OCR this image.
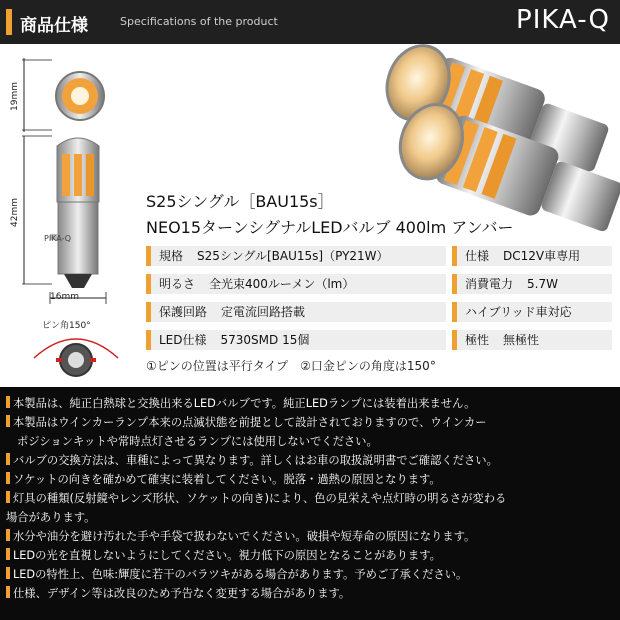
商品仕様	Specifications of the product	PIKA-Q
19mm
PIKA-Q
42mm
16mm
ピン角150°
S25シングル［BAU15s］
NEO15ターンシグナルLEDバルブ 400lm アンバー
規格 S25シングル[BAU15s]（PY21W）
明るさ 全光束400ルーメン（lm）
保護回路 定電流回路搭載
LED仕様 5730SMD 15個
仕様 DC12V車専用
消費電力 5.7W
ハイブリッド車対応
極性 無極性
①ピンの位置は平行タイプ　②口金ピンの角度は150°
本製品は、純正白熱球と交換出来るLEDバルブです。純正LEDランプには装着出来ません。
本製品はウインカーランプ本来の点滅状態を前提として設計されておりますので、ウインカー
ポジションキットや常時点灯させるランプには使用しないでください。
バルブの交換方法は、車種によって異なります。詳しくはお車の取扱説明書でご確認ください。
ソケットの向きを確かめて確実に装着してください。脱落・過熱の原因となります。
灯具の種類(反射鏡やレンズ形状、ソケットの向き)により、色の見栄えや点灯時の明るさが変わる
場合があります。
水分や油分を避け汚れた手や手袋で扱わないでください。破損や短寿命の原因になります。
LEDの光を直視しないようにしてください。視力低下の原因となることがあります。
LEDの特性上、色味:輝度に若干のバラツキがある場合があります。予めご了承ください。
仕様、デザイン等は改良のため予告なく変更する場合があります。
